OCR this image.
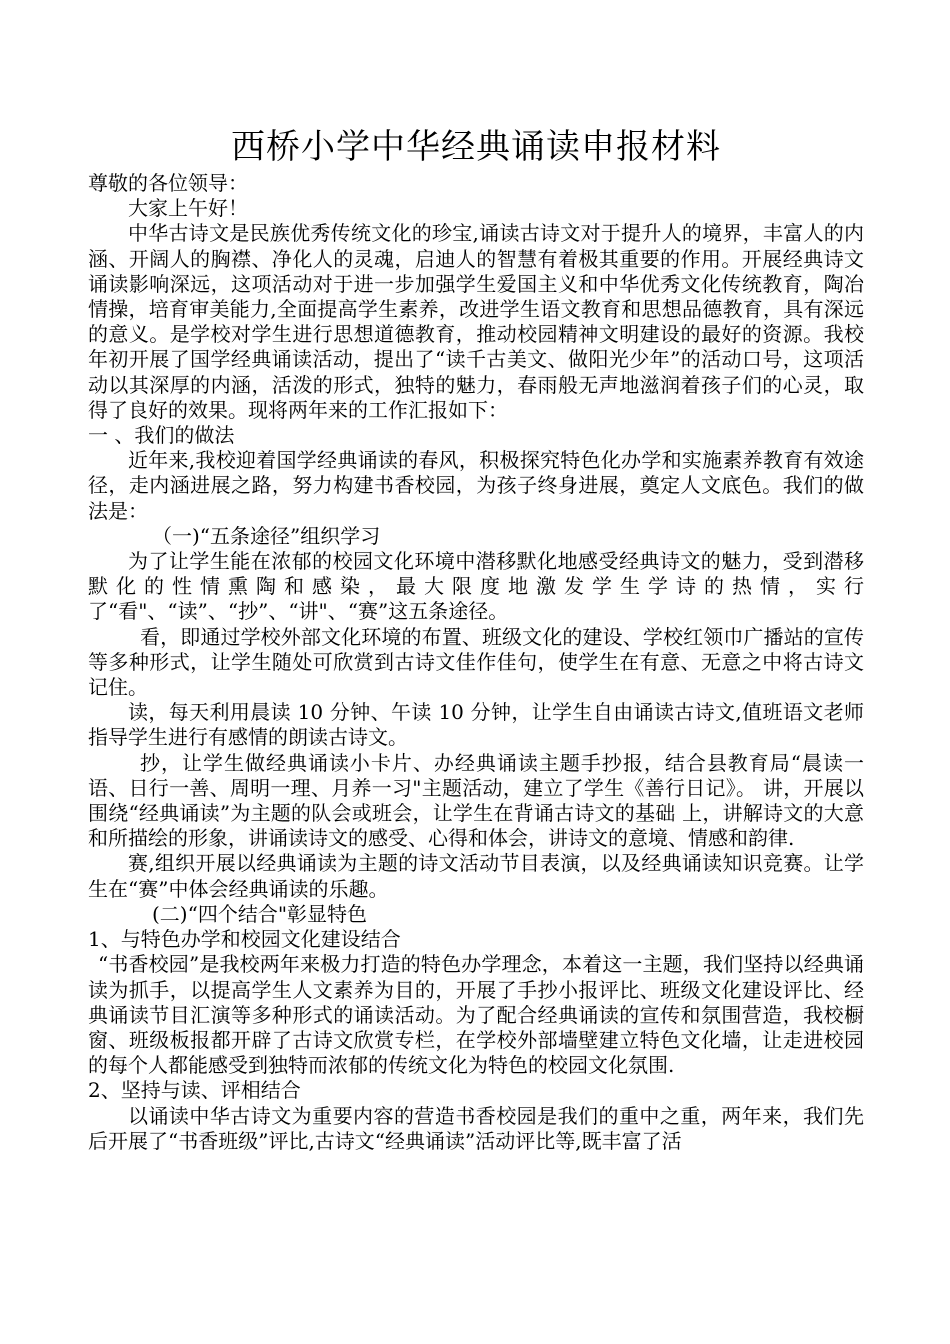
西桥小学中华经典诵读申报材料

尊敬的各位领导：

大家上午好！

中华古诗文是民族优秀传统文化的珍宝,诵读古诗文对于提升人的境界，丰富人的内涵、开阔人的胸襟、净化人的灵魂，启迪人的智慧有着极其重要的作用。开展经典诗文诵读影响深远，这项活动对于进一步加强学生爱国主义和中华优秀文化传统教育，陶冶情操，培育审美能力,全面提高学生素养，改进学生语文教育和思想品德教育，具有深远的意义。是学校对学生进行思想道德教育，推动校园精神文明建设的最好的资源。我校年初开展了国学经典诵读活动，提出了“读千古美文、做阳光少年”的活动口号，这项活动以其深厚的内涵，活泼的形式，独特的魅力，春雨般无声地滋润着孩子们的心灵，取得了良好的效果。现将两年来的工作汇报如下：

一 、我们的做法

近年来,我校迎着国学经典诵读的春风，积极探究特色化办学和实施素养教育有效途径，走内涵进展之路，努力构建书香校园，为孩子终身进展，奠定人文底色。我们的做法是：

（一)“五条途径”组织学习

为了让学生能在浓郁的校园文化环境中潜移默化地感受经典诗文的魅力，受到潜移默化的性情熏陶和感染，最大限度地激发学生学诗的热情，实行了“看"、“读”、“抄”、“讲"、“赛”这五条途径。

看，即通过学校外部文化环境的布置、班级文化的建设、学校红领巾广播站的宣传等多种形式，让学生随处可欣赏到古诗文佳作佳句，使学生在有意、无意之中将古诗文记住。

读，每天利用晨读 10 分钟、午读 10 分钟，让学生自由诵读古诗文,值班语文老师指导学生进行有感情的朗读古诗文。

抄，让学生做经典诵读小卡片、办经典诵读主题手抄报，结合县教育局“晨读一语、日行一善、周明一理、月养一习"主题活动，建立了学生《善行日记》。 讲，开展以围绕“经典诵读”为主题的队会或班会，让学生在背诵古诗文的基础 上，讲解诗文的大意和所描绘的形象，讲诵读诗文的感受、心得和体会，讲诗文的意境、情感和韵律.

赛,组织开展以经典诵读为主题的诗文活动节目表演，以及经典诵读知识竞赛。让学生在“赛”中体会经典诵读的乐趣。

(二)“四个结合"彰显特色

1、与特色办学和校园文化建设结合

“书香校园”是我校两年来极力打造的特色办学理念，本着这一主题，我们坚持以经典诵读为抓手，以提高学生人文素养为目的，开展了手抄小报评比、班级文化建设评比、经典诵读节目汇演等多种形式的诵读活动。为了配合经典诵读的宣传和氛围营造，我校橱窗、班级板报都开辟了古诗文欣赏专栏，在学校外部墙壁建立特色文化墙，让走进校园的每个人都能感受到独特而浓郁的传统文化为特色的校园文化氛围.

2、坚持与读、评相结合

以诵读中华古诗文为重要内容的营造书香校园是我们的重中之重，两年来，我们先后开展了“书香班级”评比,古诗文“经典诵读”活动评比等,既丰富了活
